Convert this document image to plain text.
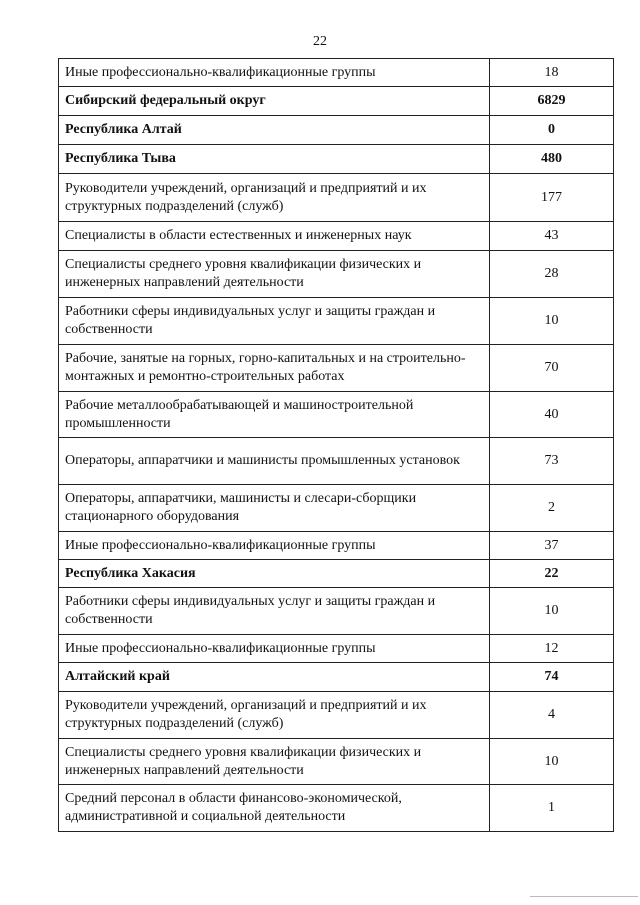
22
Иные профессионально-квалификационные группы	18
Сибирский федеральный округ	6829
Республика Алтай	0
Республика Тыва	480
Руководители учреждений, организаций и предприятий и их структурных подразделений (служб)	177
Специалисты в области естественных и инженерных наук	43
Специалисты среднего уровня квалификации физических и инженерных направлений деятельности	28
Работники сферы индивидуальных услуг и защиты граждан и собственности	10
Рабочие, занятые на горных, горно-капитальных и на строительно-монтажных и ремонтно-строительных работах	70
Рабочие металлообрабатывающей и машиностроительной промышленности	40
Операторы, аппаратчики и машинисты промышленных установок	73
Операторы, аппаратчики, машинисты и слесари-сборщики стационарного оборудования	2
Иные профессионально-квалификационные группы	37
Республика Хакасия	22
Работники сферы индивидуальных услуг и защиты граждан и собственности	10
Иные профессионально-квалификационные группы	12
Алтайский край	74
Руководители учреждений, организаций и предприятий и их структурных подразделений (служб)	4
Специалисты среднего уровня квалификации физических и инженерных направлений деятельности	10
Средний персонал в области финансово-экономической, административной и социальной деятельности	1
